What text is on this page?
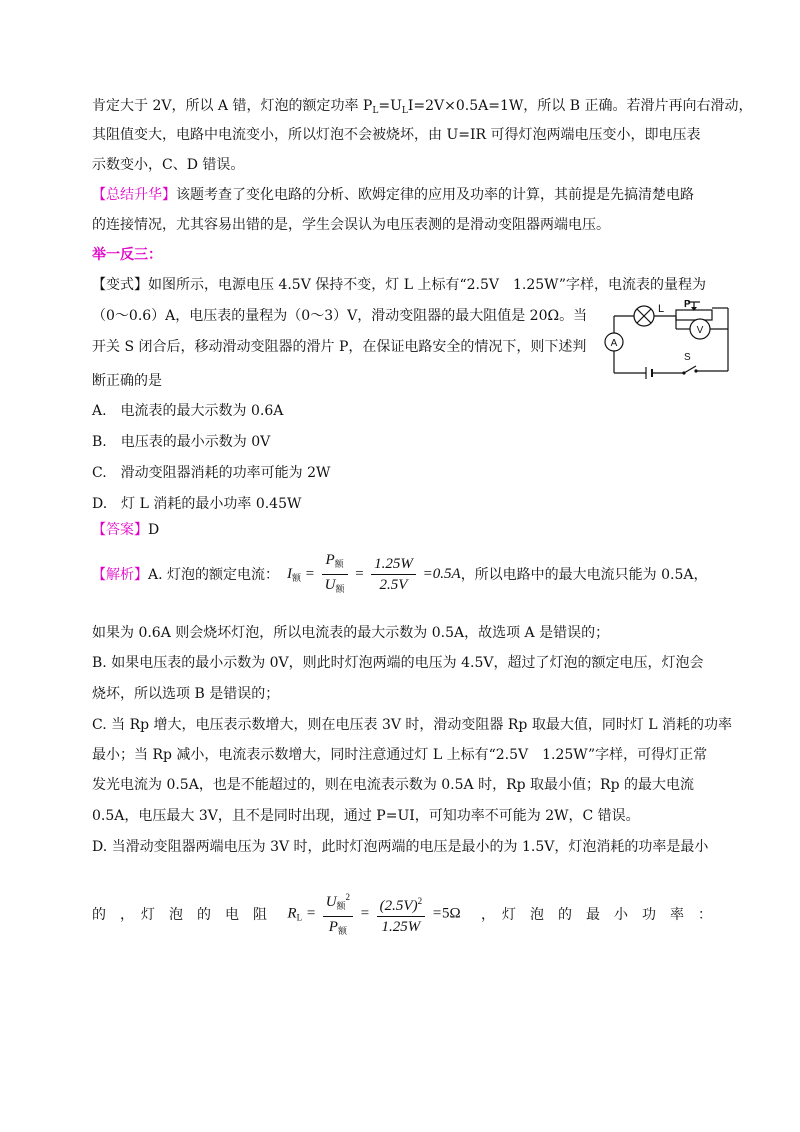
肯定大于 2V，所以 A 错，灯泡的额定功率 $P_L=U_LI=2V\times 0.5A=1W$，所以 B 正确。若滑片再向右滑动，
其阻值变大，电路中电流变小，所以灯泡不会被烧坏，由 U=IR 可得灯泡两端电压变小，即电压表
示数变小，C、D 错误。
【总结升华】该题考查了变化电路的分析、欧姆定律的应用及功率的计算，其前提是先搞清楚电路
的连接情况，尤其容易出错的是，学生会误认为电压表测的是滑动变阻器两端电压。
举一反三：
【变式】如图所示，电源电压 4.5V 保持不变，灯 L 上标有“2.5V　1.25W”字样，电流表的量程为
（0～0.6）A，电压表的量程为（0～3）V，滑动变阻器的最大阻值是 20Ω。当
开关 S 闭合后，移动滑动变阻器的滑片 P，在保证电路安全的情况下，则下述判
断正确的是
A
V
L P
S
A.　电流表的最大示数为 0.6A
B.　电压表的最小示数为 0V
C.　滑动变阻器消耗的功率可能为 2W
D.　灯 L 消耗的最小功率 0.45W
【答案】D
【解析】 A. 灯泡的额定电流： $I_额 = \frac{P_额}{U_额} = \frac{1.25W}{2.5V} =0.5A$ ，所以电路中的最大电流只能为 0.5A，
如果为 0.6A 则会烧坏灯泡，所以电流表的最大示数为 0.5A，故选项 A 是错误的；
B. 如果电压表的最小示数为 0V，则此时灯泡两端的电压为 4.5V，超过了灯泡的额定电压，灯泡会
烧坏，所以选项 B 是错误的；
C. 当 Rp 增大，电压表示数增大，则在电压表 3V 时，滑动变阻器 Rp 取最大值，同时灯 L 消耗的功率
最小；当 Rp 减小，电流表示数增大，同时注意通过灯 L 上标有“2.5V　1.25W”字样，可得灯正常
发光电流为 0.5A，也是不能超过的，则在电流表示数为 0.5A 时，Rp 取最小值；Rp 的最大电流
0.5A，电压最大 3V，且不是同时出现，通过 P=UI，可知功率不可能为 2W，C 错误。
D. 当滑动变阻器两端电压为 3V 时，此时灯泡两端的电压是最小的为 1.5V，灯泡消耗的功率是最小
的　，　灯　泡　的　电　阻 $R_L = \frac{U_额^2}{P_额} = \frac{(2.5V)^2}{1.25W} =5\Omega$ ，　灯　泡　的　最　小　功　率　：
